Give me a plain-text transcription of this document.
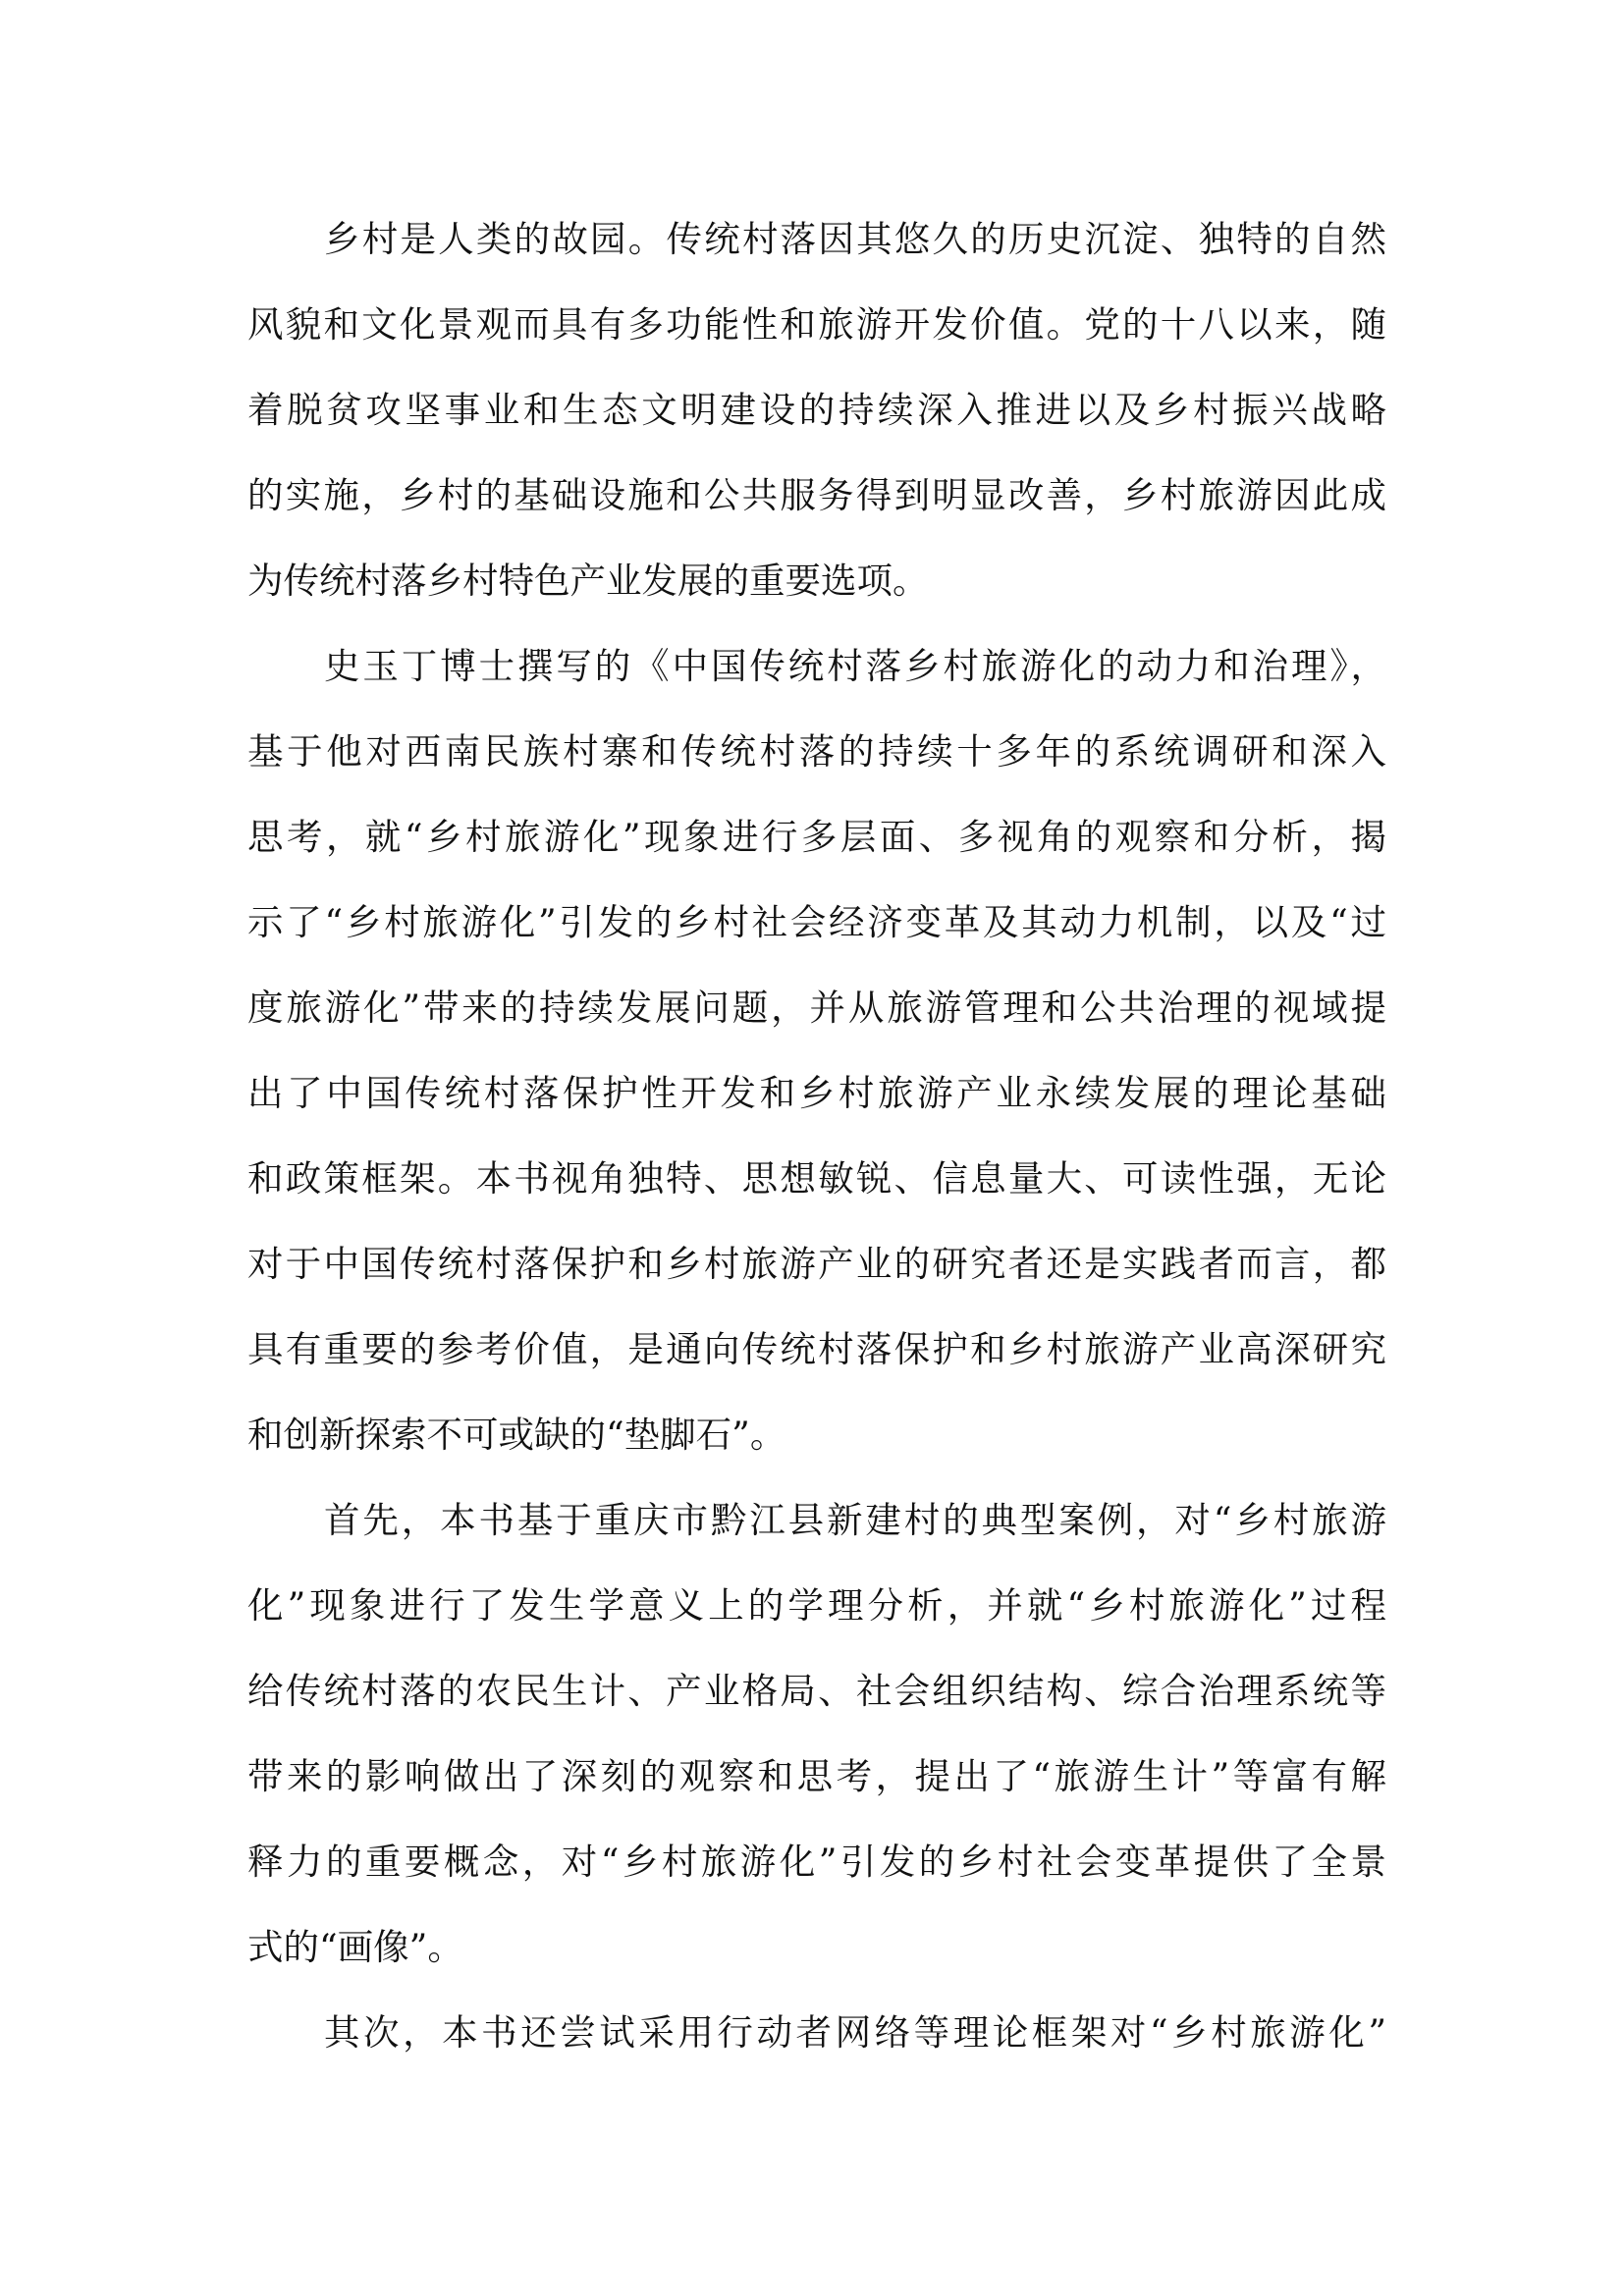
乡村是人类的故园。传统村落因其悠久的历史沉淀、独特的自然
风貌和文化景观而具有多功能性和旅游开发价值。党的十八以来，随
着脱贫攻坚事业和生态文明建设的持续深入推进以及乡村振兴战略
的实施，乡村的基础设施和公共服务得到明显改善，乡村旅游因此成
为传统村落乡村特色产业发展的重要选项。
史玉丁博士撰写的《中国传统村落乡村旅游化的动力和治理》，
基于他对西南民族村寨和传统村落的持续十多年的系统调研和深入
思考，就“乡村旅游化”现象进行多层面、多视角的观察和分析，揭
示了“乡村旅游化”引发的乡村社会经济变革及其动力机制，以及“过
度旅游化”带来的持续发展问题，并从旅游管理和公共治理的视域提
出了中国传统村落保护性开发和乡村旅游产业永续发展的理论基础
和政策框架。本书视角独特、思想敏锐、信息量大、可读性强，无论
对于中国传统村落保护和乡村旅游产业的研究者还是实践者而言，都
具有重要的参考价值，是通向传统村落保护和乡村旅游产业高深研究
和创新探索不可或缺的“垫脚石”。
首先，本书基于重庆市黔江县新建村的典型案例，对“乡村旅游
化”现象进行了发生学意义上的学理分析，并就“乡村旅游化”过程
给传统村落的农民生计、产业格局、社会组织结构、综合治理系统等
带来的影响做出了深刻的观察和思考，提出了“旅游生计”等富有解
释力的重要概念，对“乡村旅游化”引发的乡村社会变革提供了全景
式的“画像”。
其次，本书还尝试采用行动者网络等理论框架对“乡村旅游化”
